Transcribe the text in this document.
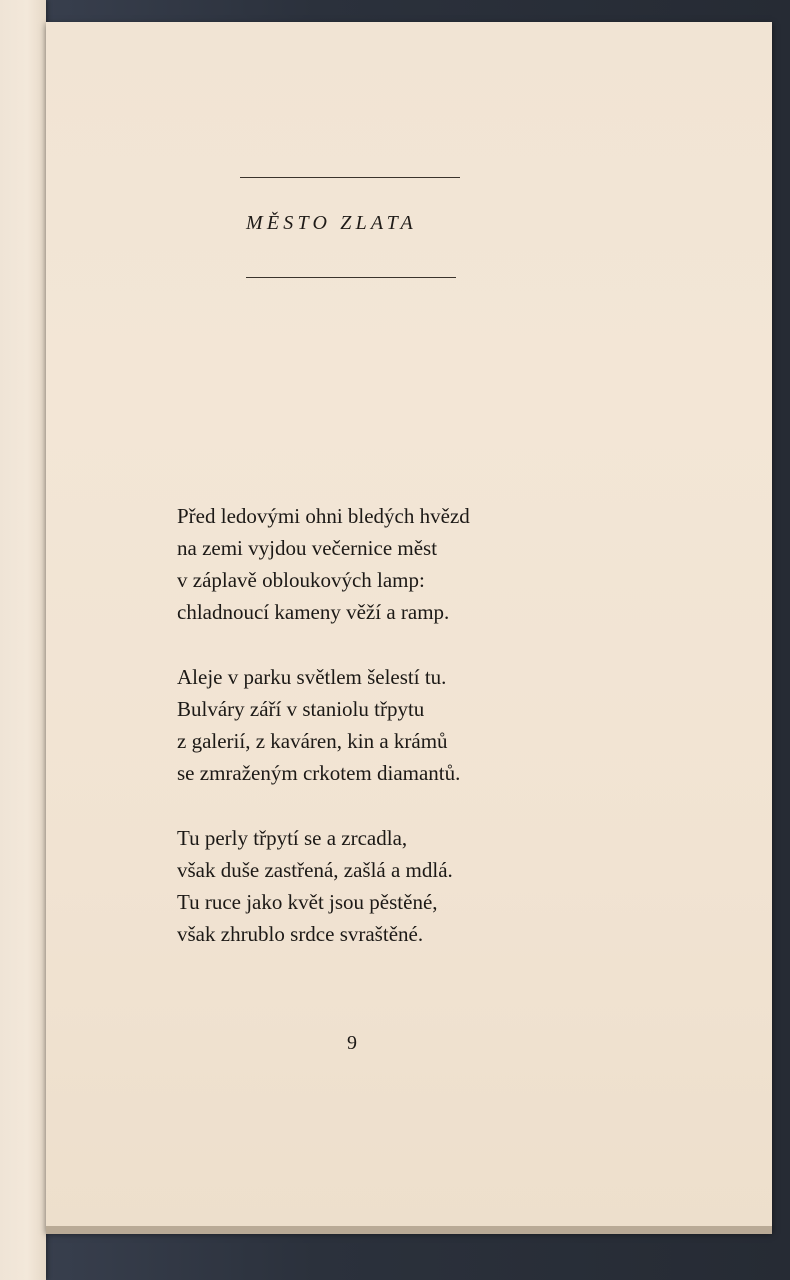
MĚSTO ZLATA
Před ledovými ohni bledých hvězd
na zemi vyjdou večernice měst
v záplavě obloukových lamp:
chladnoucí kameny věží a ramp.
Aleje v parku světlem šelestí tu.
Bulváry září v staniolu třpytu
z galerií, z kaváren, kin a krámů
se zmraženým crkotem diamantů.
Tu perly třpytí se a zrcadla,
však duše zastřená, zašlá a mdlá.
Tu ruce jako květ jsou pěstěné,
však zhrublo srdce svraštěné.
9
